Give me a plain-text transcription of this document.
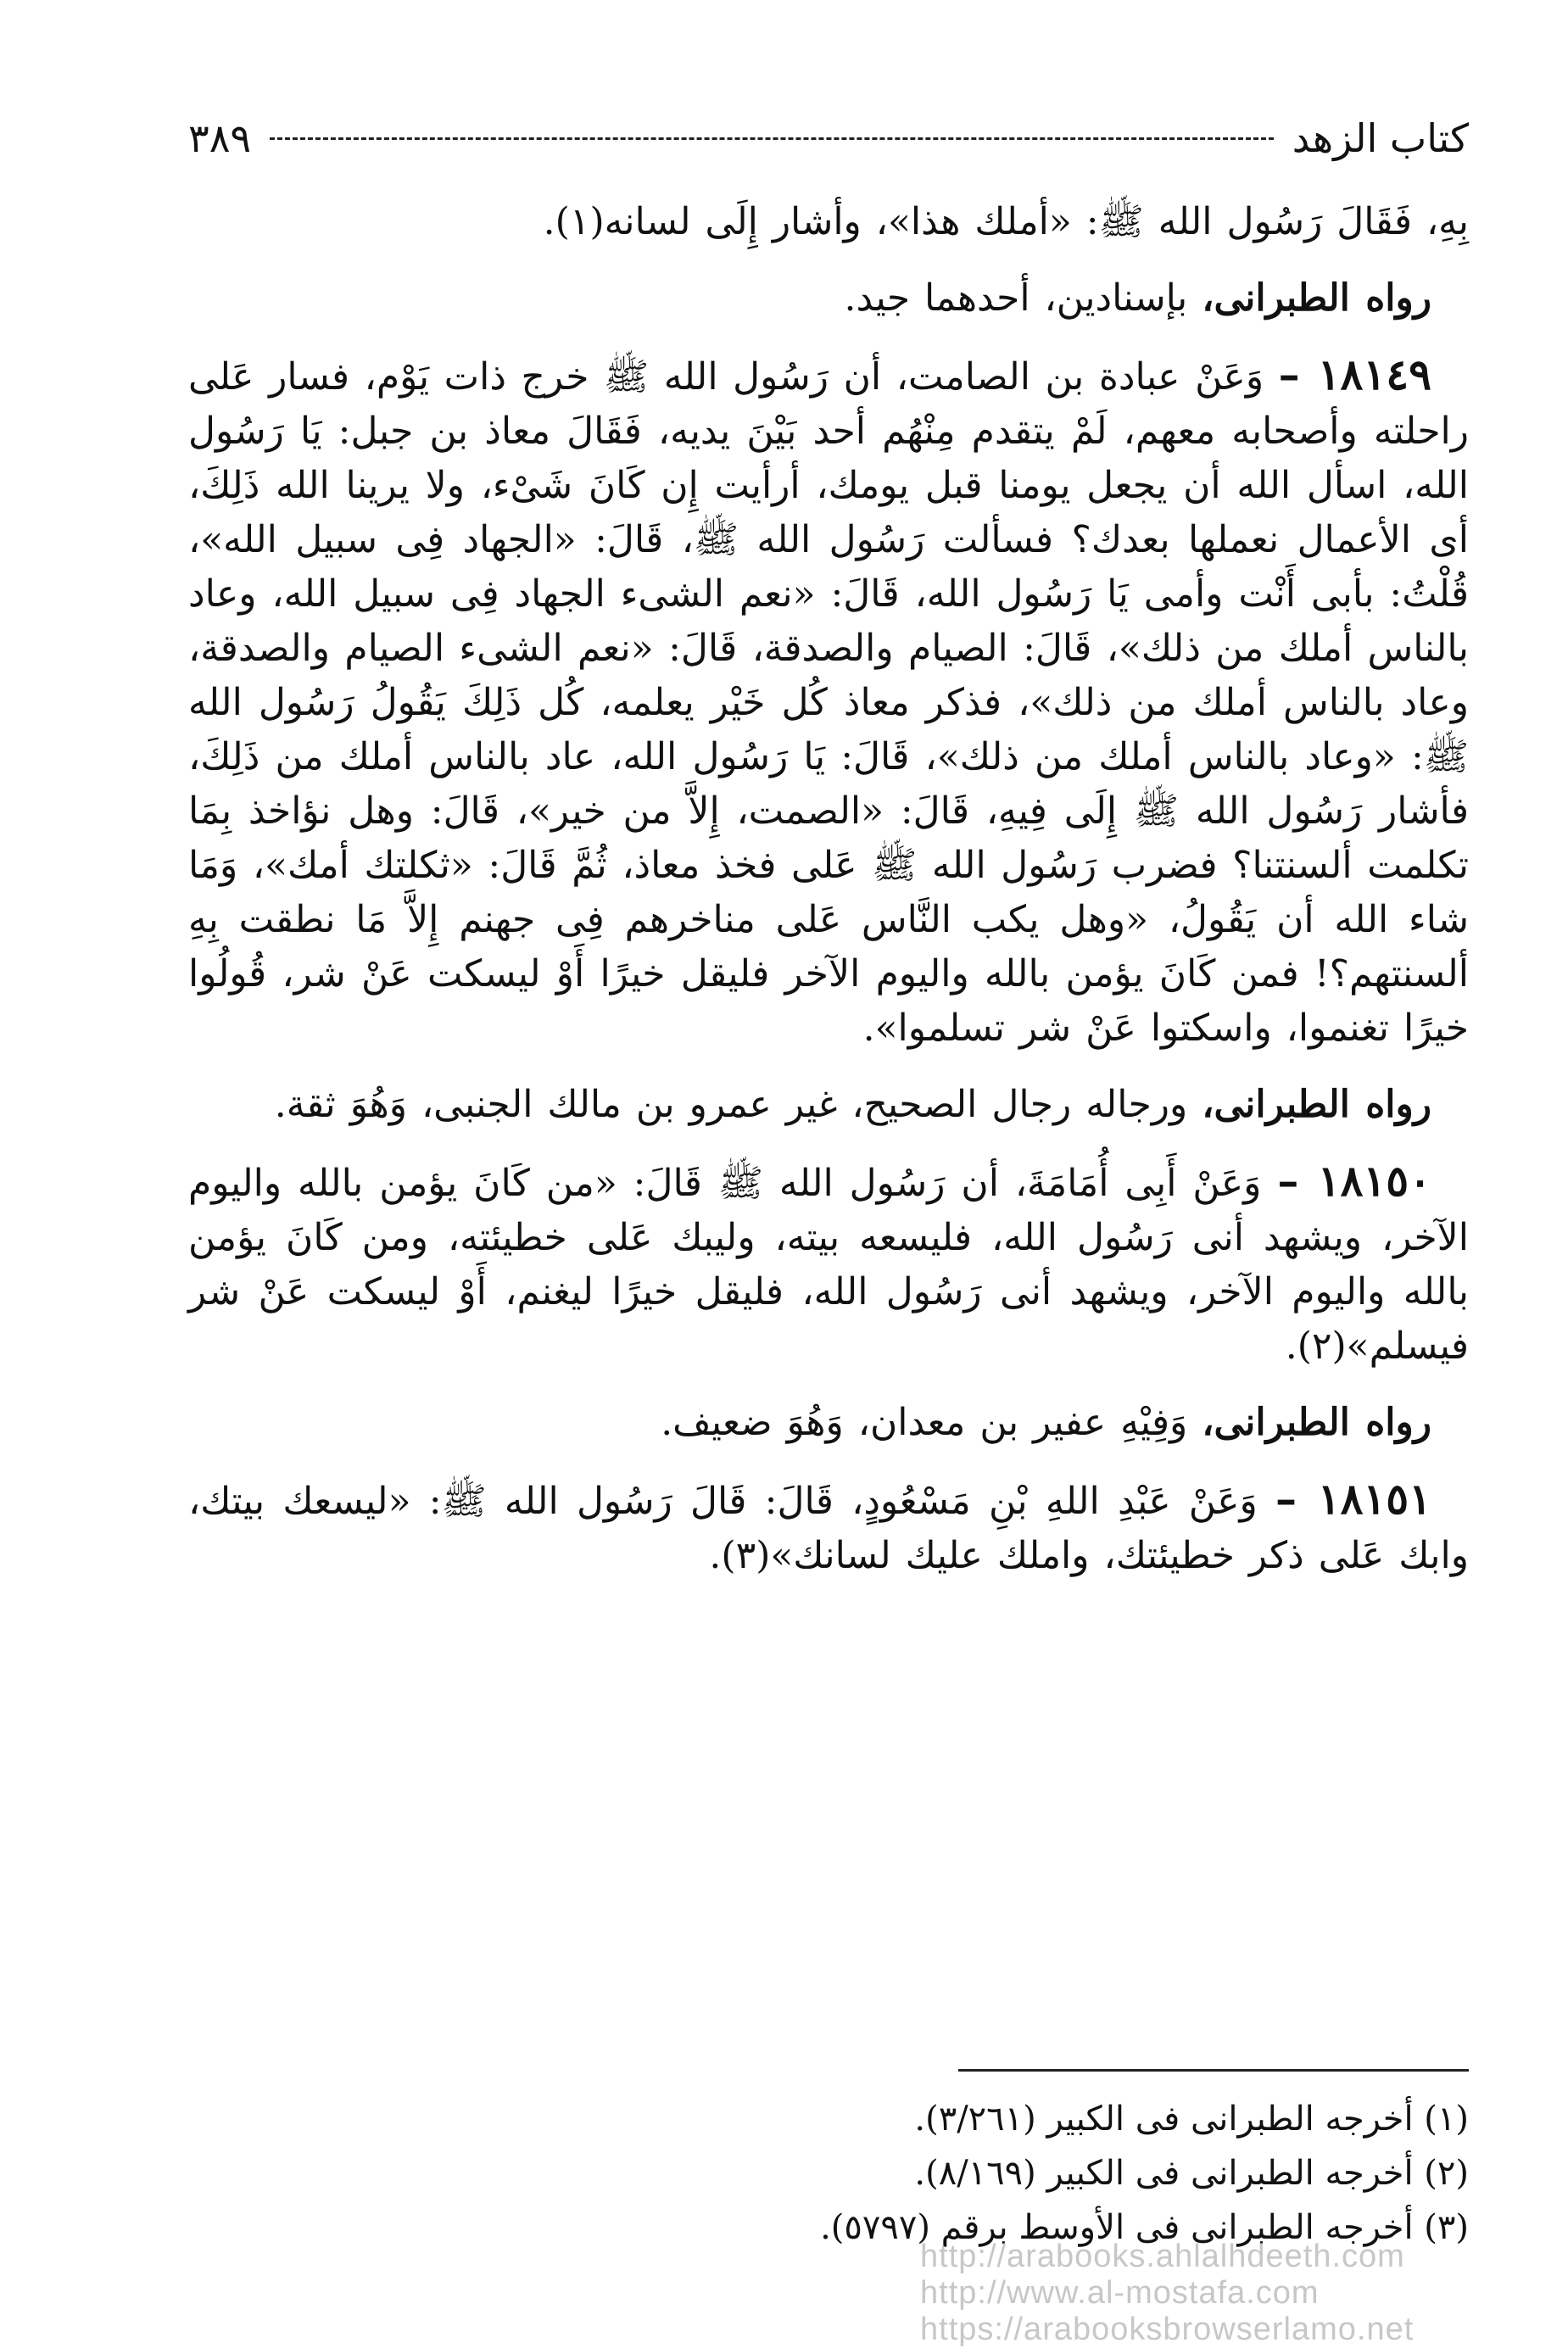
كتاب الزهد
٣٨٩

بِهِ، فَقَالَ رَسُول الله ﷺ: «أملك هذا»، وأشار إِلَى لسانه(١).

رواه الطبرانى، بإسنادين، أحدهما جيد.

١٨١٤٩ – وَعَنْ عبادة بن الصامت، أن رَسُول الله ﷺ خرج ذات يَوْم، فسار عَلى راحلته وأصحابه معهم، لَمْ يتقدم مِنْهُم أحد بَيْنَ يديه، فَقَالَ معاذ بن جبل: يَا رَسُول الله، اسأل الله أن يجعل يومنا قبل يومك، أرأيت إِن كَانَ شَىْء، ولا يرينا الله ذَلِكَ، أى الأعمال نعملها بعدك؟ فسألت رَسُول الله ﷺ، قَالَ: «الجهاد فِى سبيل الله»، قُلْتُ: بأبى أَنْت وأمى يَا رَسُول الله، قَالَ: «نعم الشىء الجهاد فِى سبيل الله، وعاد بالناس أملك من ذلك»، قَالَ: الصيام والصدقة، قَالَ: «نعم الشىء الصيام والصدقة، وعاد بالناس أملك من ذلك»، فذكر معاذ كُل خَيْر يعلمه، كُل ذَلِكَ يَقُولُ رَسُول الله ﷺ: «وعاد بالناس أملك من ذلك»، قَالَ: يَا رَسُول الله، عاد بالناس أملك من ذَلِكَ، فأشار رَسُول الله ﷺ إِلَى فِيهِ، قَالَ: «الصمت، إِلاَّ من خير»، قَالَ: وهل نؤاخذ بِمَا تكلمت ألسنتنا؟ فضرب رَسُول الله ﷺ عَلى فخذ معاذ، ثُمَّ قَالَ: «ثكلتك أمك»، وَمَا شاء الله أن يَقُولُ، «وهل يكب النَّاس عَلى مناخرهم فِى جهنم إِلاَّ مَا نطقت بِهِ ألسنتهم؟! فمن كَانَ يؤمن بالله واليوم الآخر فليقل خيرًا أَوْ ليسكت عَنْ شر، قُولُوا خيرًا تغنموا، واسكتوا عَنْ شر تسلموا».

رواه الطبرانى، ورجاله رجال الصحيح، غير عمرو بن مالك الجنبى، وَهُوَ ثقة.

١٨١٥٠ – وَعَنْ أَبِى أُمَامَةَ، أن رَسُول الله ﷺ قَالَ: «من كَانَ يؤمن بالله واليوم الآخر، ويشهد أنى رَسُول الله، فليسعه بيته، وليبك عَلى خطيئته، ومن كَانَ يؤمن بالله واليوم الآخر، ويشهد أنى رَسُول الله، فليقل خيرًا ليغنم، أَوْ ليسكت عَنْ شر فيسلم»(٢).

رواه الطبرانى، وَفِيْهِ عفير بن معدان، وَهُوَ ضعيف.

١٨١٥١ – وَعَنْ عَبْدِ اللهِ بْنِ مَسْعُودٍ، قَالَ: قَالَ رَسُول الله ﷺ: «ليسعك بيتك، وابك عَلى ذكر خطيئتك، واملك عليك لسانك»(٣).

(١) أخرجه الطبرانى فى الكبير (٣/٢٦١).

(٢) أخرجه الطبرانى فى الكبير (٨/١٦٩).

(٣) أخرجه الطبرانى فى الأوسط برقم (٥٧٩٧).

http://arabooks.ahlalhdeeth.com http://www.al-mostafa.com https://arabooksbrowserlamo.net
